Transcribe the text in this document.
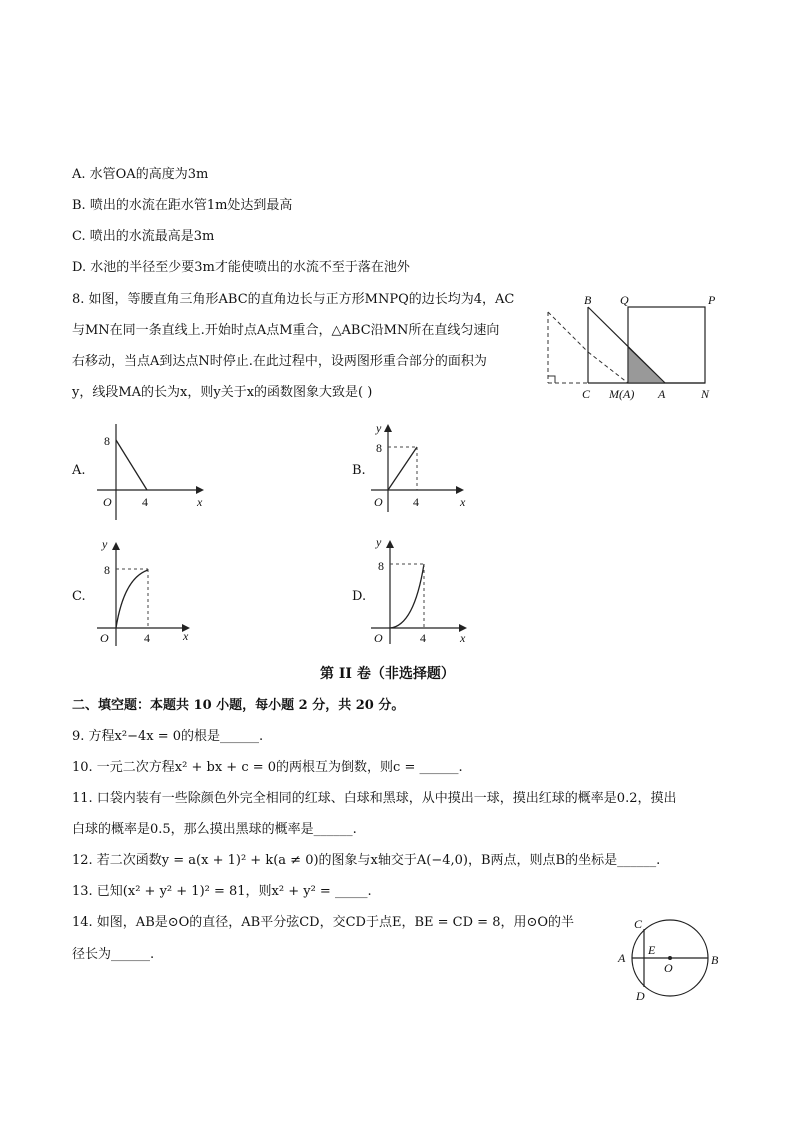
A. 水管OA的高度为3m
B. 喷出的水流在距水管1m处达到最高
C. 喷出的水流最高是3m
D. 水池的半径至少要3m才能使喷出的水流不至于落在池外
8. 如图，等腰直角三角形ABC的直角边长与正方形MNPQ的边长均为4，AC
与MN在同一条直线上.开始时点A点M重合，△ABC沿MN所在直线匀速向
右移动，当点A到达点N时停止.在此过程中，设两图形重合部分的面积为
y，线段MA的长为x，则y关于x的函数图象大致是( )
B Q	P
C M(A) A	N
A.
8
O	4	x
B.
y
8
O	4	x
C.
y
8
O	4	x
D.
y
8
O	4	x
第 II 卷（非选择题）
二、填空题：本题共 10 小题，每小题 2 分，共 20 分。
9. 方程x²−4x = 0的根是______.
10. 一元二次方程x² + bx + c = 0的两根互为倒数，则c = ______.
11. 口袋内装有一些除颜色外完全相同的红球、白球和黑球，从中摸出一球，摸出红球的概率是0.2，摸出
白球的概率是0.5，那么摸出黑球的概率是______.
12. 若二次函数y = a(x + 1)² + k(a ≠ 0)的图象与x轴交于A(−4,0)，B两点，则点B的坐标是______.
13. 已知(x² + y² + 1)² = 81，则x² + y² = _____.
14. 如图，AB是⊙O的直径，AB平分弦CD，交CD于点E，BE = CD = 8，用⊙O的半
径长为______.
C
A
E
O
B
D
